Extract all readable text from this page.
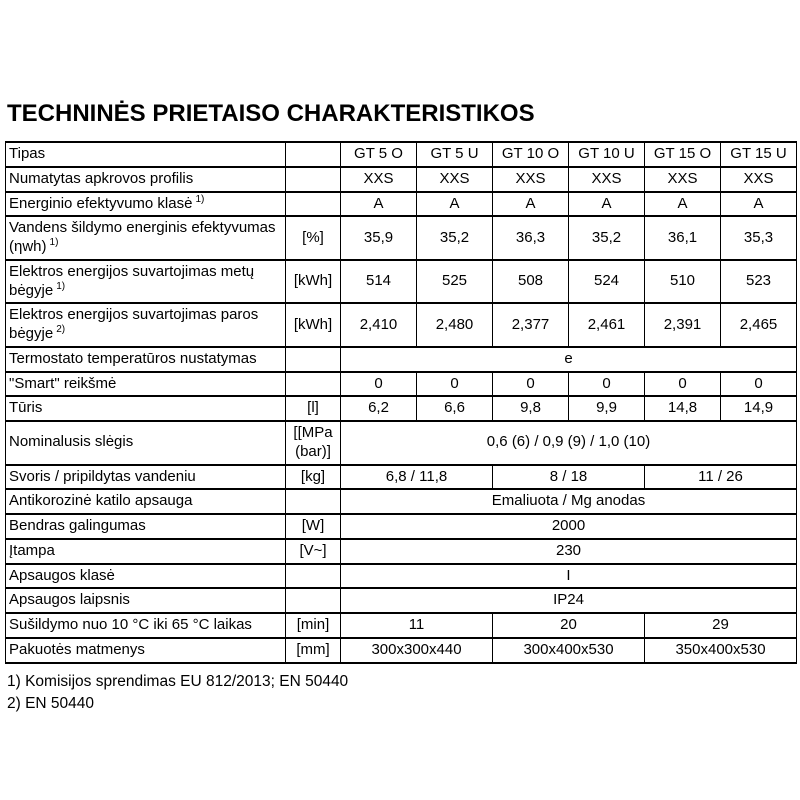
TECHNINĖS PRIETAISO CHARAKTERISTIKOS
Tipas		GT 5 O	GT 5 U	GT 10 O	GT 10 U	GT 15 O	GT 15 U
Numatytas apkrovos profilis		XXS	XXS	XXS	XXS	XXS	XXS
Energinio efektyvumo klasė $^{1)}$		A	A	A	A	A	A
Vandens šildymo energinis efektyvumas (ηwh) $^{1)}$	[%]	35,9	35,2	36,3	35,2	36,1	35,3
Elektros energijos suvartojimas metų bėgyje $^{1)}$	[kWh]	514	525	508	524	510	523
Elektros energijos suvartojimas paros bėgyje $^{2)}$	[kWh]	2,410	2,480	2,377	2,461	2,391	2,465
Termostato temperatūros nustatymas		e					
"Smart" reikšmė		0	0	0	0	0	0
Tūris	[l]	6,2	6,6	9,8	9,9	14,8	14,9
Nominalusis slėgis	[[MPa (bar)]	0,6 (6) / 0,9 (9) / 1,0 (10)					
Svoris / pripildytas vandeniu	[kg]	6,8 / 11,8		8 / 18		11 / 26	
Antikorozinė katilo apsauga		Emaliuota / Mg anodas					
Bendras galingumas	[W]	2000					
Įtampa	[V~]	230					
Apsaugos klasė		I					
Apsaugos laipsnis		IP24					
Sušildymo nuo 10 °C iki 65 °C laikas	[min]	11		20		29	
Pakuotės matmenys	[mm]	300x300x440		300x400x530		350x400x530	
1) Komisijos sprendimas EU 812/2013; EN 50440
2) EN 50440
